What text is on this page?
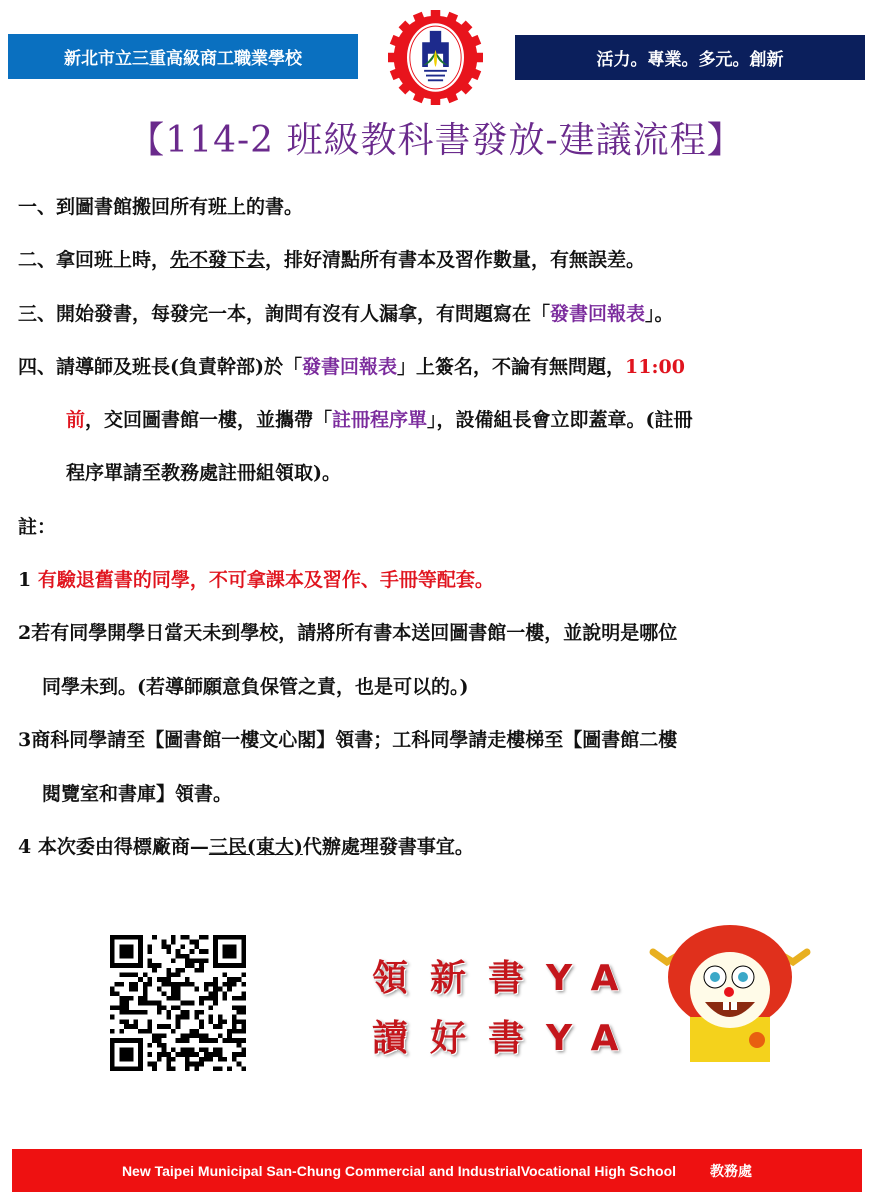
新北市立三重高級商工職業學校	活力。專業。多元。創新
【114-2 班級教科書發放-建議流程】
一、到圖書館搬回所有班上的書。
二、拿回班上時，先不發下去，排好清點所有書本及習作數量，有無誤差。
三、開始發書，每發完一本，詢問有沒有人漏拿，有問題寫在「發書回報表」。
四、請導師及班長(負責幹部)於「發書回報表」上簽名，不論有無問題，11:00
前，交回圖書館一樓，並攜帶「註冊程序單」，設備組長會立即蓋章。(註冊
程序單請至教務處註冊組領取)。
註：
1 有驗退舊書的同學，不可拿課本及習作、手冊等配套。
2若有同學開學日當天未到學校，請將所有書本送回圖書館一樓，並說明是哪位
同學未到。(若導師願意負保管之責，也是可以的。)
3商科同學請至【圖書館一樓文心閣】領書；工科同學請走樓梯至【圖書館二樓
閱覽室和書庫】領書。
4 本次委由得標廠商—三民(東大)代辦處理發書事宜。
領新書YA
讀好書YA
New Taipei Municipal San-Chung Commercial and IndustrialVocational High School 教務處
